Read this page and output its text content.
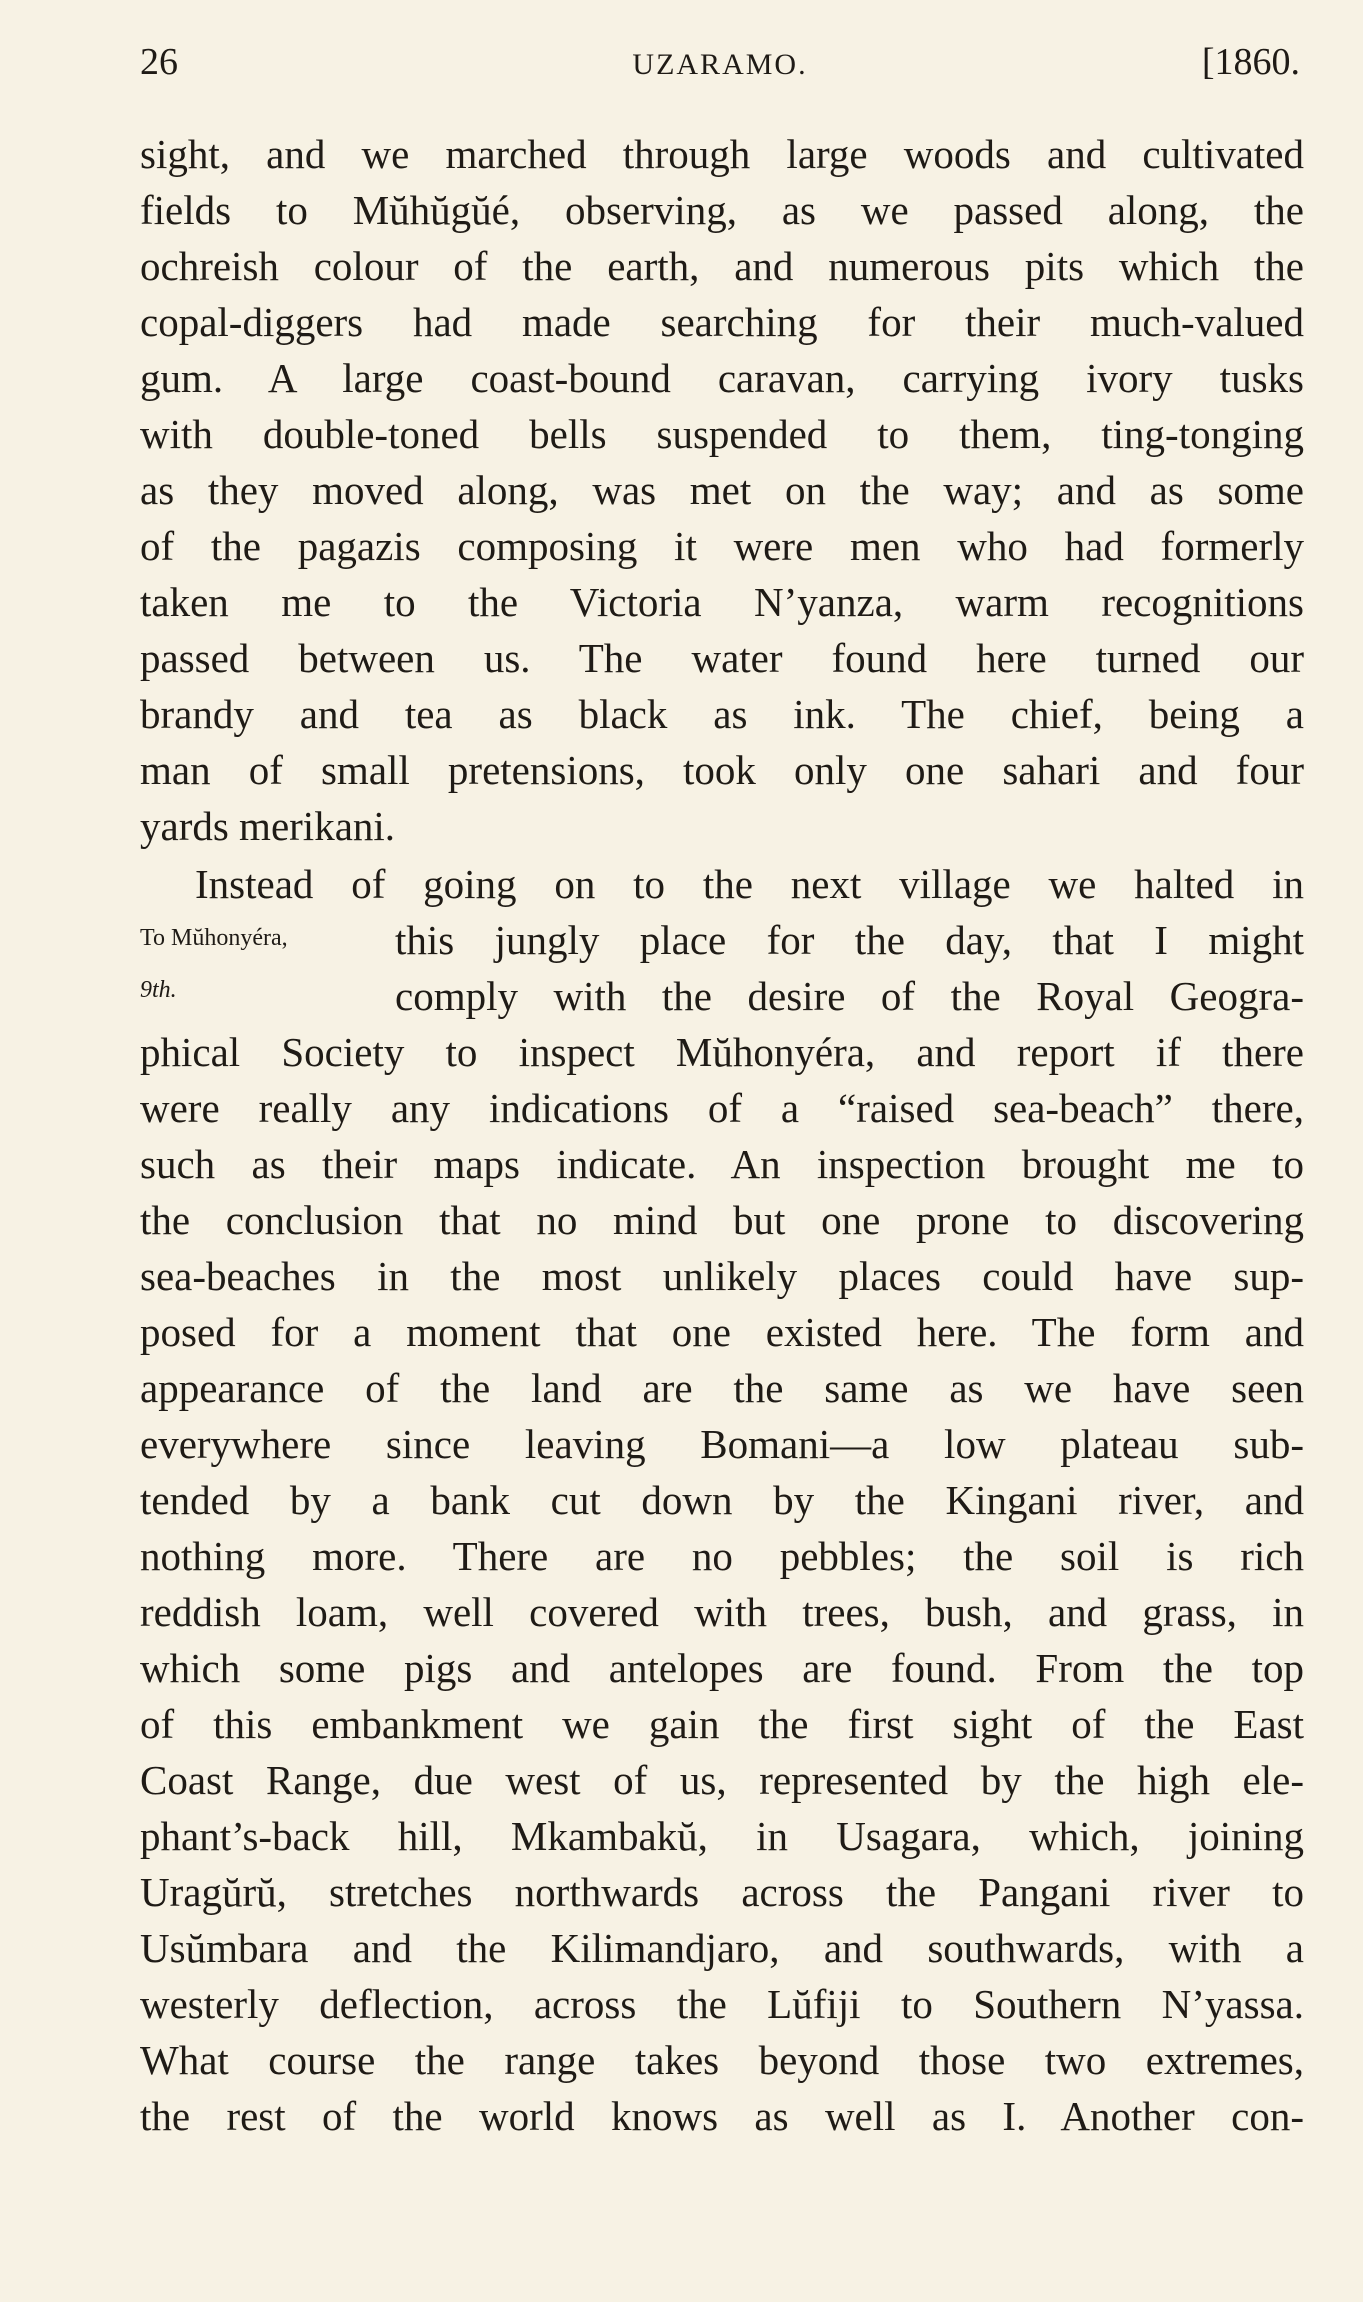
26	UZARAMO.	[1860.
To Mŭhonyéra,
9th.
sight, and we marched through large woods and cultivated
fields to Mŭhŭgŭé, observing, as we passed along, the
ochreish colour of the earth, and numerous pits which the
copal-diggers had made searching for their much-valued
gum. A large coast-bound caravan, carrying ivory tusks
with double-toned bells suspended to them, ting-tonging
as they moved along, was met on the way; and as some
of the pagazis composing it were men who had formerly
taken me to the Victoria N’yanza, warm recognitions
passed between us. The water found here turned our
brandy and tea as black as ink. The chief, being a
man of small pretensions, took only one sahari and four
yards merikani.
Instead of going on to the next village we halted in
this jungly place for the day, that I might
comply with the desire of the Royal Geogra-
phical Society to inspect Mŭhonyéra, and report if there
were really any indications of a “raised sea-beach” there,
such as their maps indicate. An inspection brought me to
the conclusion that no mind but one prone to discovering
sea-beaches in the most unlikely places could have sup-
posed for a moment that one existed here. The form and
appearance of the land are the same as we have seen
everywhere since leaving Bomani—a low plateau sub-
tended by a bank cut down by the Kingani river, and
nothing more. There are no pebbles; the soil is rich
reddish loam, well covered with trees, bush, and grass, in
which some pigs and antelopes are found. From the top
of this embankment we gain the first sight of the East
Coast Range, due west of us, represented by the high ele-
phant’s-back hill, Mkambakŭ, in Usagara, which, joining
Uragŭrŭ, stretches northwards across the Pangani river to
Usŭmbara and the Kilimandjaro, and southwards, with a
westerly deflection, across the Lŭfiji to Southern N’yassa.
What course the range takes beyond those two extremes,
the rest of the world knows as well as I. Another con-
